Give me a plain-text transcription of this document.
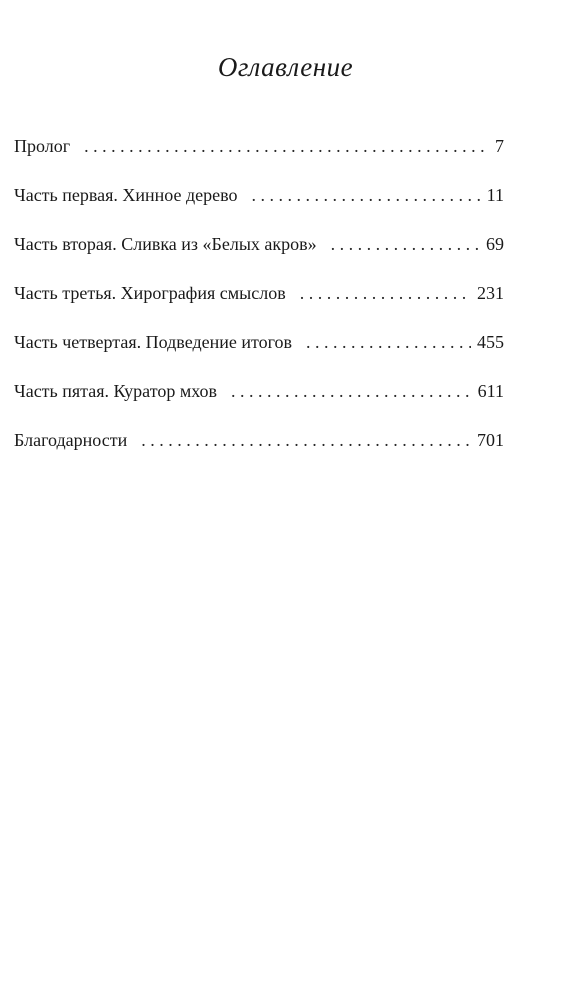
Оглавление
Пролог . . .	7
Часть первая. Хинное дерево . . .	11
Часть вторая. Сливка из «Белых акров» . . .	69
Часть третья. Хирография смыслов . . .	231
Часть четвертая. Подведение итогов . . .	455
Часть пятая. Куратор мхов . . .	611
Благодарности . . .	701
